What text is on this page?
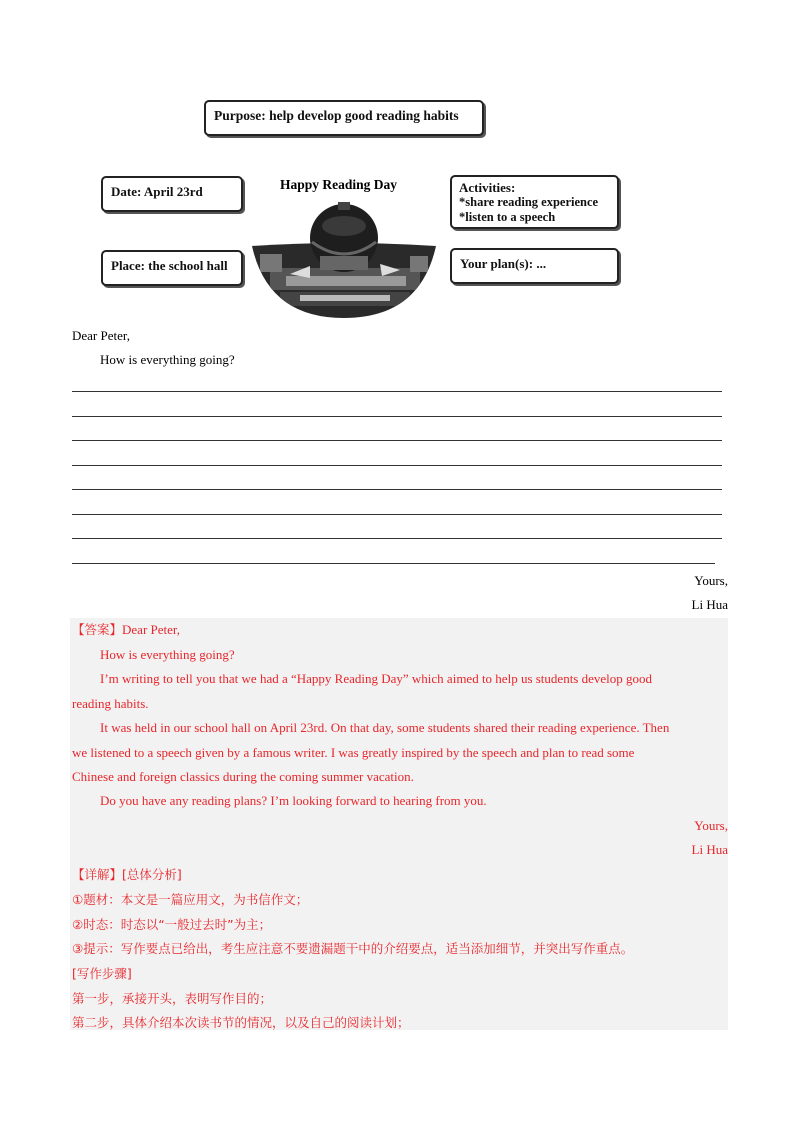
Purpose: help develop good reading habits
Happy Reading Day
Date: April 23rd
Place: the school hall
Activities:
*share reading experience
*listen to a speech
Your plan(s): ...
Dear Peter,
How is everything going?
Yours,
Li Hua
【答案】Dear Peter,
How is everything going?
I’m writing to tell you that we had a “Happy Reading Day” which aimed to help us students develop good
reading habits.
It was held in our school hall on April 23rd. On that day, some students shared their reading experience. Then
we listened to a speech given by a famous writer. I was greatly inspired by the speech and plan to read some
Chinese and foreign classics during the coming summer vacation.
Do you have any reading plans? I’m looking forward to hearing from you.
Yours,
Li Hua
【详解】[总体分析]
①题材：本文是一篇应用文，为书信作文；
②时态：时态以“一般过去时”为主；
③提示：写作要点已给出，考生应注意不要遗漏题干中的介绍要点，适当添加细节，并突出写作重点。
[写作步骤]
第一步，承接开头，表明写作目的；
第二步，具体介绍本次读书节的情况，以及自己的阅读计划；
